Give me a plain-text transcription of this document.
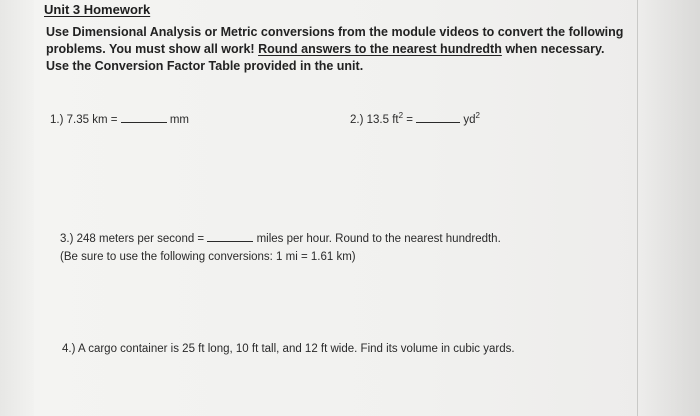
Unit 3 Homework
Use Dimensional Analysis or Metric conversions from the module videos to convert the following problems. You must show all work! Round answers to the nearest hundredth when necessary. Use the Conversion Factor Table provided in the unit.
1.) 7.35 km =	mm	2.) 13.5 $ft^2$ =	$yd^2$
3.) 248 meters per second =	miles per hour. Round to the nearest hundredth.
(Be sure to use the following conversions: 1 mi = 1.61 km)
4.) A cargo container is 25 ft long, 10 ft tall, and 12 ft wide. Find its volume in cubic yards.
